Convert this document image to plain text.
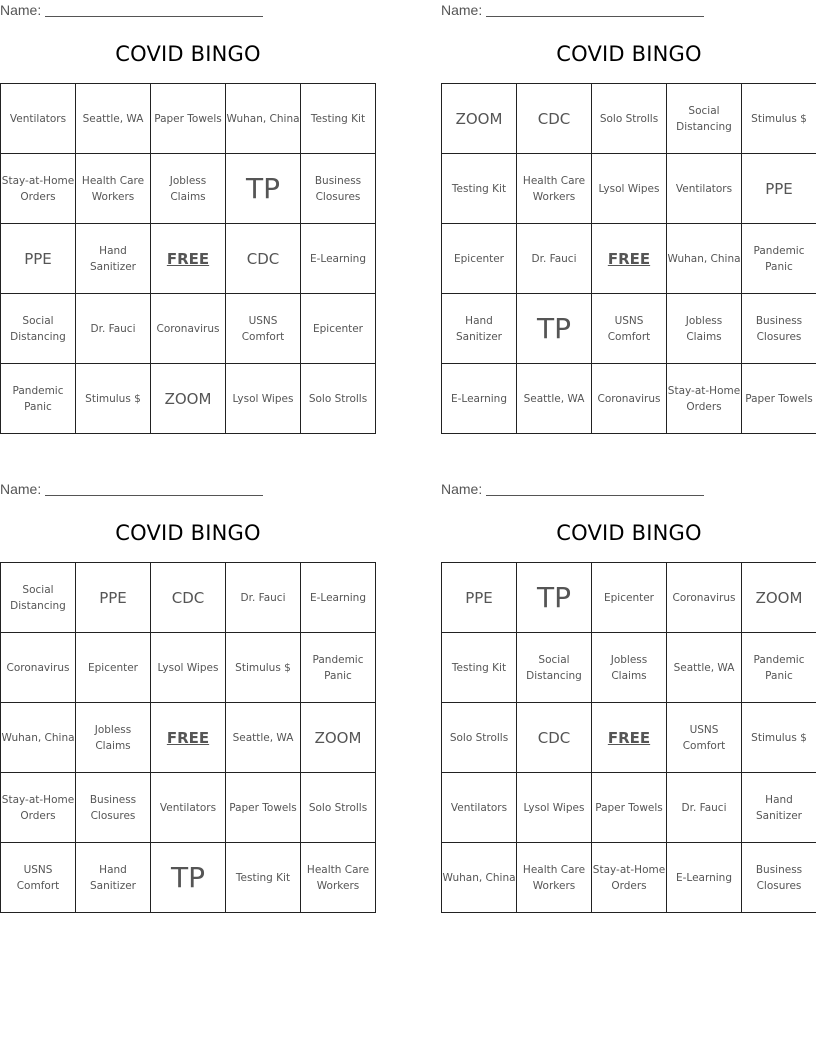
Name:
COVID BINGO
Ventilators	Seattle, WA	Paper Towels	Wuhan, China	Testing Kit
Stay-at-Home Orders	Health Care Workers	Jobless Claims	TP	Business Closures
PPE	Hand Sanitizer	FREE	CDC	E-Learning
Social Distancing	Dr. Fauci	Coronavirus	USNS Comfort	Epicenter
Pandemic Panic	Stimulus $	ZOOM	Lysol Wipes	Solo Strolls
Name:
COVID BINGO
ZOOM	CDC	Solo Strolls	Social Distancing	Stimulus $
Testing Kit	Health Care Workers	Lysol Wipes	Ventilators	PPE
Epicenter	Dr. Fauci	FREE	Wuhan, China	Pandemic Panic
Hand Sanitizer	TP	USNS Comfort	Jobless Claims	Business Closures
E-Learning	Seattle, WA	Coronavirus	Stay-at-Home Orders	Paper Towels
Name:
COVID BINGO
Social Distancing	PPE	CDC	Dr. Fauci	E-Learning
Coronavirus	Epicenter	Lysol Wipes	Stimulus $	Pandemic Panic
Wuhan, China	Jobless Claims	FREE	Seattle, WA	ZOOM
Stay-at-Home Orders	Business Closures	Ventilators	Paper Towels	Solo Strolls
USNS Comfort	Hand Sanitizer	TP	Testing Kit	Health Care Workers
Name:
COVID BINGO
PPE	TP	Epicenter	Coronavirus	ZOOM
Testing Kit	Social Distancing	Jobless Claims	Seattle, WA	Pandemic Panic
Solo Strolls	CDC	FREE	USNS Comfort	Stimulus $
Ventilators	Lysol Wipes	Paper Towels	Dr. Fauci	Hand Sanitizer
Wuhan, China	Health Care Workers	Stay-at-Home Orders	E-Learning	Business Closures
